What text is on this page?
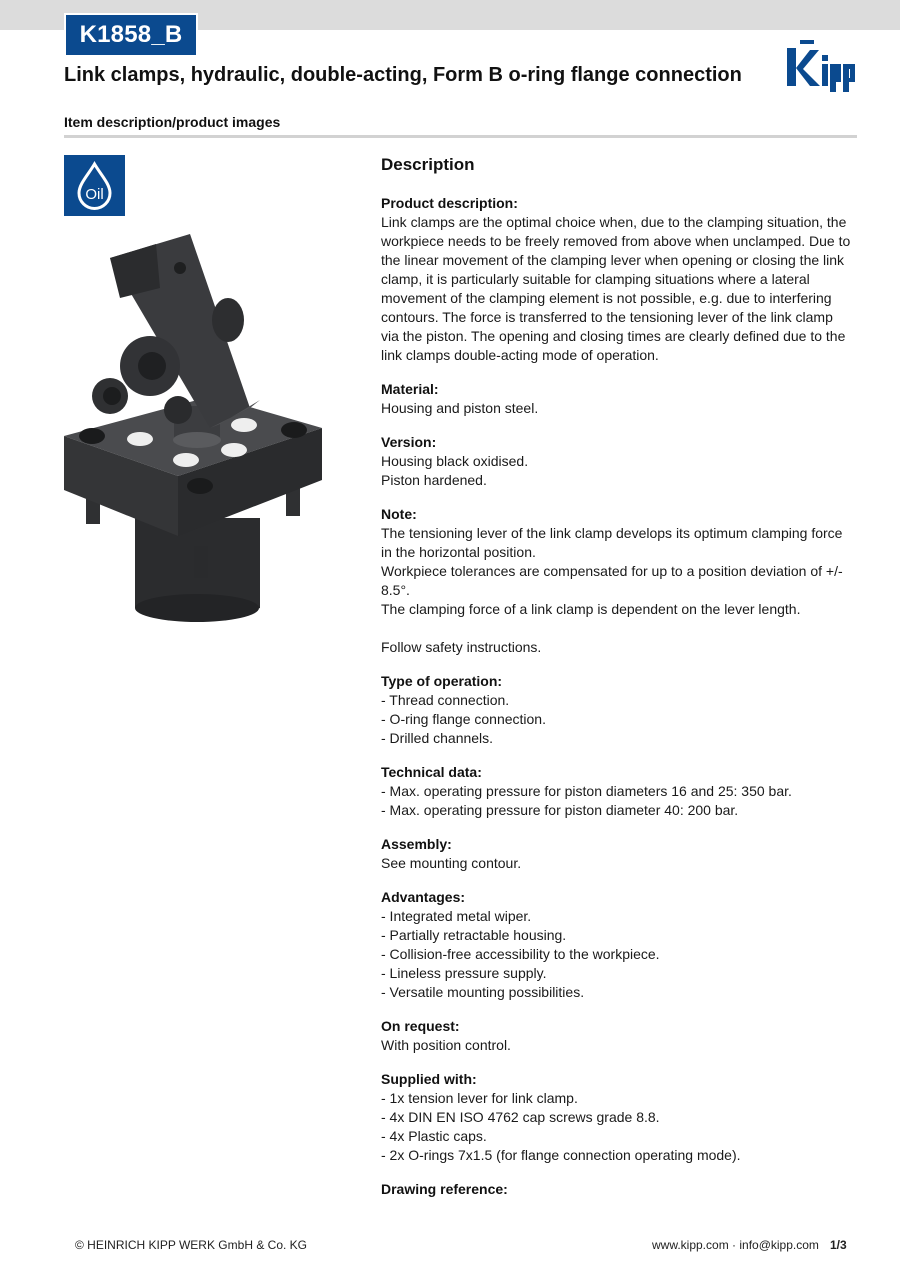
K1858_B
Link clamps, hydraulic, double-acting, Form B o-ring flange connection
Item description/product images
Oil
Description
Product description:
Link clamps are the optimal choice when, due to the clamping situation, the workpiece needs to be freely removed from above when unclamped. Due to the linear movement of the clamping lever when opening or closing the link clamp, it is particularly suitable for clamping situations where a lateral movement of the clamping element is not possible, e.g. due to interfering contours. The force is transferred to the tensioning lever of the link clamp via the piston. The opening and closing times are clearly defined due to the link clamps double-acting mode of operation.
Material:
Housing and piston steel.
Version:
Housing black oxidised.
Piston hardened.
Note:
The tensioning lever of the link clamp develops its optimum clamping force in the horizontal position.
Workpiece tolerances are compensated for up to a position deviation of +/- 8.5°.
The clamping force of a link clamp is dependent on the lever length.
Follow safety instructions.
Type of operation:
- Thread connection.
- O-ring flange connection.
- Drilled channels.
Technical data:
- Max. operating pressure for piston diameters 16 and 25: 350 bar.
- Max. operating pressure for piston diameter 40: 200 bar.
Assembly:
See mounting contour.
Advantages:
- Integrated metal wiper.
- Partially retractable housing.
- Collision-free accessibility to the workpiece.
- Lineless pressure supply.
- Versatile mounting possibilities.
On request:
With position control.
Supplied with:
- 1x tension lever for link clamp.
- 4x DIN EN ISO 4762 cap screws grade 8.8.
- 4x Plastic caps.
- 2x O-rings 7x1.5 (for flange connection operating mode).
Drawing reference:
© HEINRICH KIPP WERK GmbH & Co. KG	www.kipp.com · info@kipp.com 1/3
